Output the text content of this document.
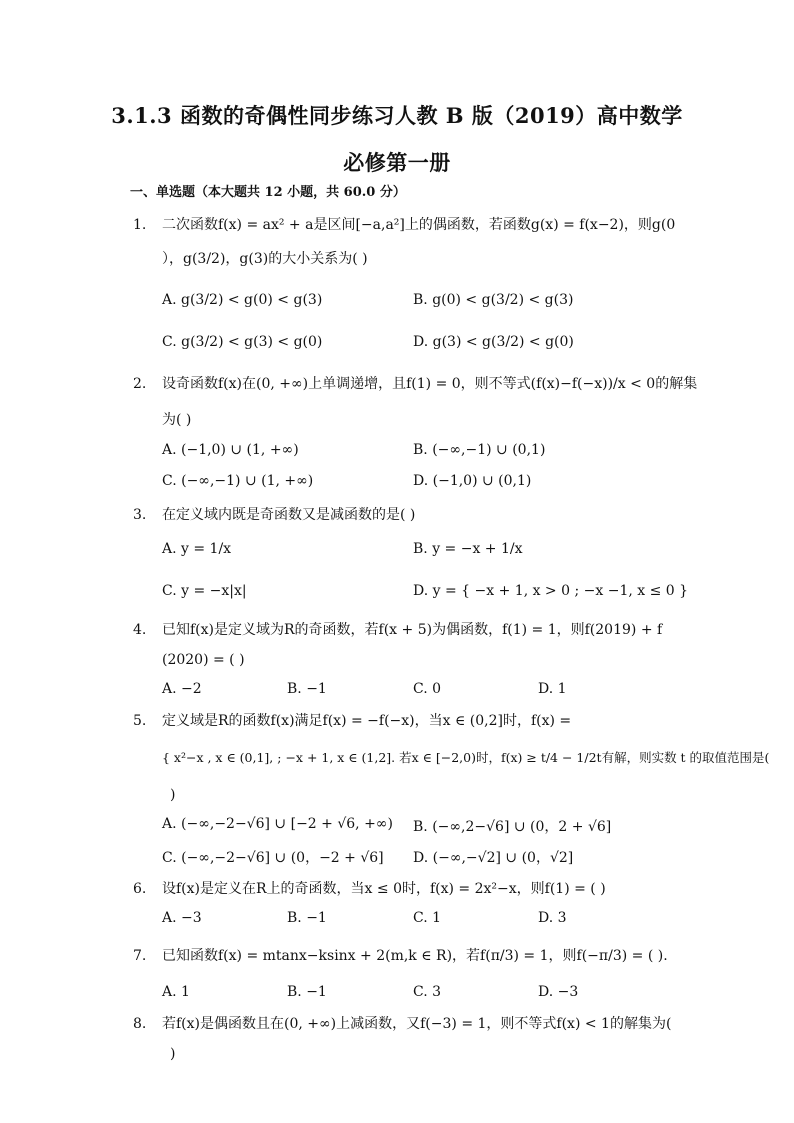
3.1.3 函数的奇偶性同步练习人教 B 版（2019）高中数学
必修第一册
一、单选题（本大题共 12 小题，共 60.0 分）
1.	二次函数f(x) = ax² + a是区间[−a,a²]上的偶函数，若函数g(x) = f(x−2)，则g(0
），g(3/2)，g(3)的大小关系为( )
A. g(3/2) < g(0) < g(3)	B. g(0) < g(3/2) < g(3)
C. g(3/2) < g(3) < g(0)	D. g(3) < g(3/2) < g(0)
2.	设奇函数f(x)在(0, +∞)上单调递增，且f(1) = 0，则不等式(f(x)−f(−x))/x < 0的解集
为( )
A. (−1,0) ∪ (1, +∞)	B. (−∞,−1) ∪ (0,1)
C. (−∞,−1) ∪ (1, +∞)	D. (−1,0) ∪ (0,1)
3.	在定义域内既是奇函数又是减函数的是( )
A. y = 1/x	B. y = −x + 1/x
C. y = −x|x|	D. y = { −x + 1, x > 0 ; −x −1, x ≤ 0 }
4.	已知f(x)是定义域为R的奇函数，若f(x + 5)为偶函数，f(1) = 1，则f(2019) + f
(2020) = ( )
A. −2	B. −1	C. 0	D. 1
5.	定义域是R的函数f(x)满足f(x) = −f(−x)，当x ∈ (0,2]时，f(x) =
{ x²−x , x ∈ (0,1], ; −x + 1, x ∈ (1,2]. 若x ∈ [−2,0)时，f(x) ≥ t/4 − 1/2t有解，则实数 t 的取值范围是(
)
A. (−∞,−2−√6] ∪ [−2 + √6, +∞) B. (−∞,2−√6] ∪ (0，2 + √6]
C. (−∞,−2−√6] ∪ (0，−2 + √6] D. (−∞,−√2] ∪ (0，√2]
6.	设f(x)是定义在R上的奇函数，当x ≤ 0时，f(x) = 2x²−x，则f(1) = ( )
A. −3	B. −1	C. 1	D. 3
7.	已知函数f(x) = mtanx−ksinx + 2(m,k ∈ R)，若f(π/3) = 1，则f(−π/3) = ( ).
A. 1	B. −1	C. 3	D. −3
8.	若f(x)是偶函数且在(0, +∞)上减函数，又f(−3) = 1，则不等式f(x) < 1的解集为(
)
